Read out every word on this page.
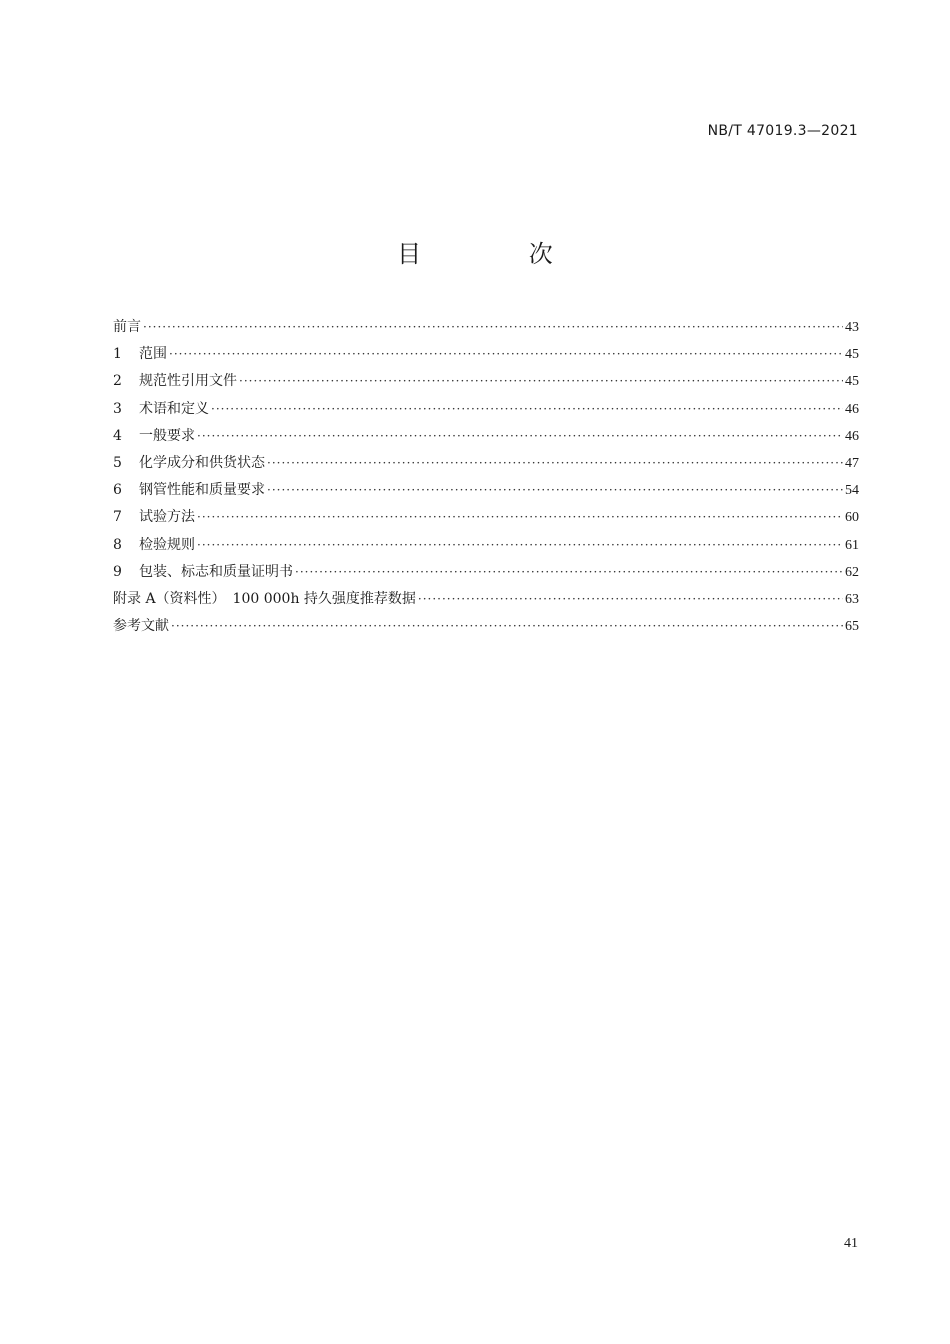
NB/T 47019.3—2021
目 次
前言 ·····	43
1	范围 ·····	45
2	规范性引用文件 ·····	45
3	术语和定义 ·····	46
4	一般要求 ·····	46
5	化学成分和供货状态 ·····	47
6	钢管性能和质量要求 ·····	54
7	试验方法 ·····	60
8	检验规则 ·····	61
9	包装、标志和质量证明书 ·····	62
附录 A（资料性）　100 000h 持久强度推荐数据 ·····	63
参考文献 ·····	65
41
